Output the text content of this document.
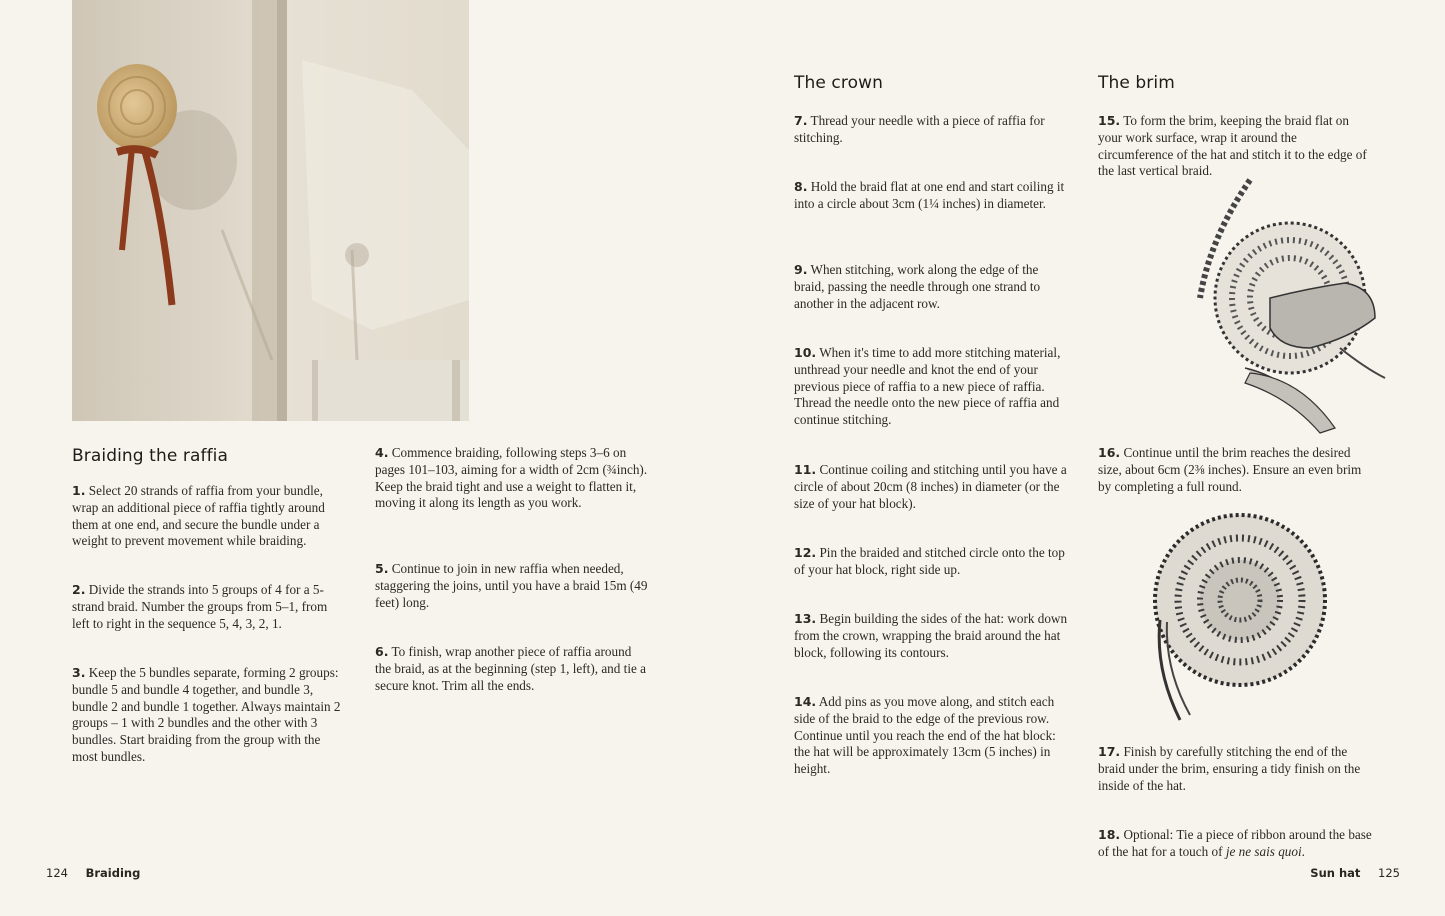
Braiding the raffia

1. Select 20 strands of raffia from your bundle, wrap an additional piece of raffia tightly around them at one end, and secure the bundle under a weight to prevent movement while braiding.

2. Divide the strands into 5 groups of 4 for a 5-strand braid. Number the groups from 5–1, from left to right in the sequence 5, 4, 3, 2, 1.

3. Keep the 5 bundles separate, forming 2 groups: bundle 5 and bundle 4 together, and bundle 3, bundle 2 and bundle 1 together. Always maintain 2 groups – 1 with 2 bundles and the other with 3 bundles. Start braiding from the group with the most bundles.

4. Commence braiding, following steps 3–6 on pages 101–103, aiming for a width of 2cm (¾inch). Keep the braid tight and use a weight to flatten it, moving it along its length as you work.

5. Continue to join in new raffia when needed, staggering the joins, until you have a braid 15m (49 feet) long.

6. To finish, wrap another piece of raffia around the braid, as at the beginning (step 1, left), and tie a secure knot. Trim all the ends.

The crown

7. Thread your needle with a piece of raffia for stitching.

8. Hold the braid flat at one end and start coiling it into a circle about 3cm (1¼ inches) in diameter.

9. When stitching, work along the edge of the braid, passing the needle through one strand to another in the adjacent row.

10. When it's time to add more stitching material, unthread your needle and knot the end of your previous piece of raffia to a new piece of raffia. Thread the needle onto the new piece of raffia and continue stitching.

11. Continue coiling and stitching until you have a circle of about 20cm (8 inches) in diameter (or the size of your hat block).

12. Pin the braided and stitched circle onto the top of your hat block, right side up.

13. Begin building the sides of the hat: work down from the crown, wrapping the braid around the hat block, following its contours.

14. Add pins as you move along, and stitch each side of the braid to the edge of the previous row. Continue until you reach the end of the hat block: the hat will be approximately 13cm (5 inches) in height.

The brim

15. To form the brim, keeping the braid flat on your work surface, wrap it around the circumference of the hat and stitch it to the edge of the last vertical braid.

16. Continue until the brim reaches the desired size, about 6cm (2⅜ inches). Ensure an even brim by completing a full round.

17. Finish by carefully stitching the end of the braid under the brim, ensuring a tidy finish on the inside of the hat.

18. Optional: Tie a piece of ribbon around the base of the hat for a touch of je ne sais quoi.

124 Braiding	Sun hat 125
